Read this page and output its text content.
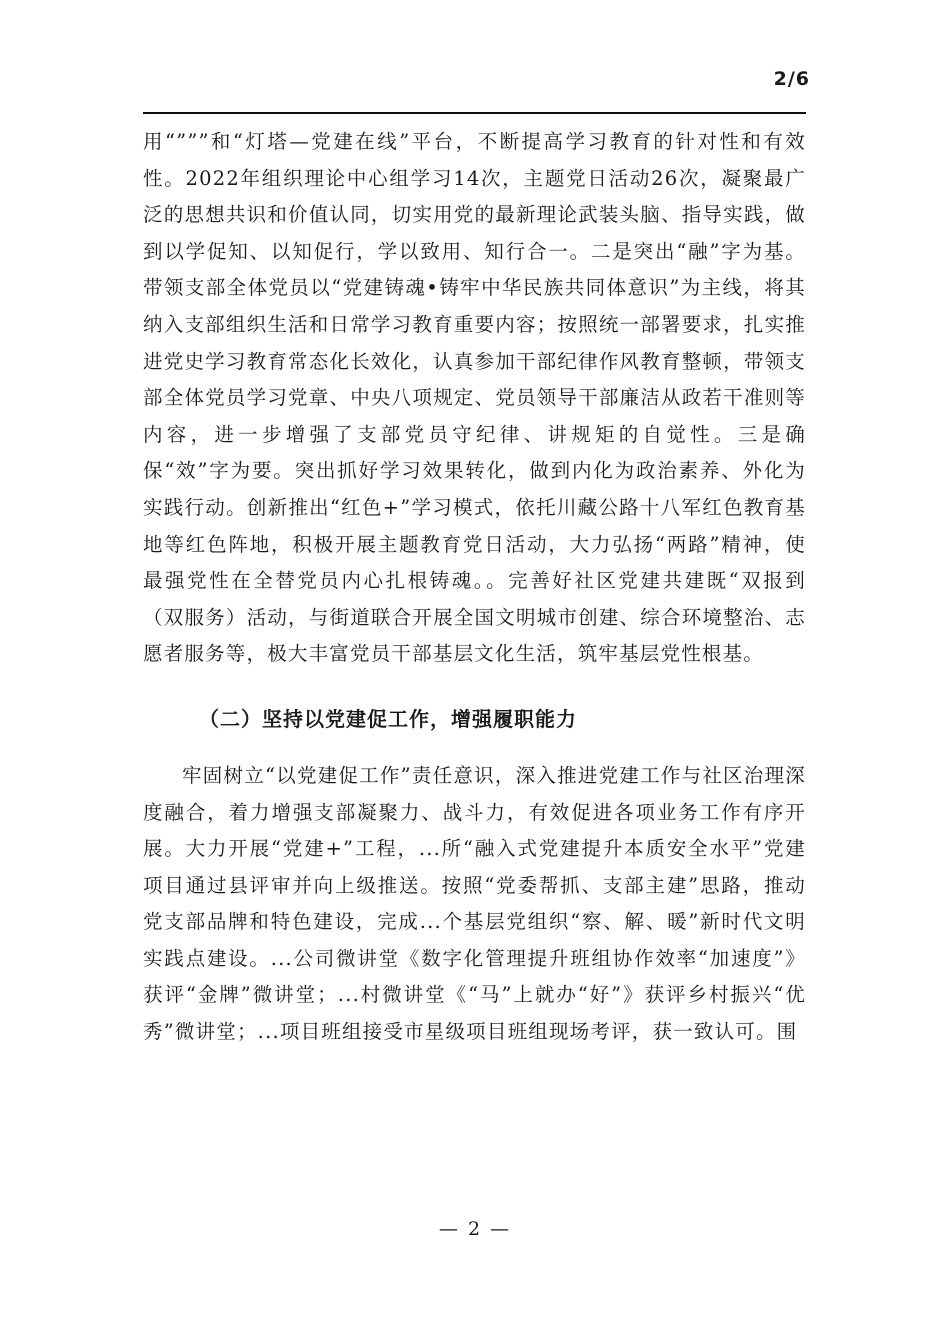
2/6

用“”””和“灯塔—党建在线”平台，不断提高学习教育的针对性和有效性。2022年组织理论中心组学习14次，主题党日活动26次，凝聚最广泛的思想共识和价值认同，切实用党的最新理论武装头脑、指导实践，做到以学促知、以知促行，学以致用、知行合一。二是突出“融”字为基。带领支部全体党员以“党建铸魂•铸牢中华民族共同体意识”为主线，将其纳入支部组织生活和日常学习教育重要内容；按照统一部署要求，扎实推进党史学习教育常态化长效化，认真参加干部纪律作风教育整顿，带领支部全体党员学习党章、中央八项规定、党员领导干部廉洁从政若干准则等内容，进一步增强了支部党员守纪律、讲规矩的自觉性。三是确保“效”字为要。突出抓好学习效果转化，做到内化为政治素养、外化为实践行动。创新推出“红色+”学习模式，依托川藏公路十八军红色教育基地等红色阵地，积极开展主题教育党日活动，大力弘扬“两路”精神，使最强党性在全替党员内心扎根铸魂。。完善好社区党建共建既“双报到（双服务）活动，与街道联合开展全国文明城市创建、综合环境整治、志愿者服务等，极大丰富党员干部基层文化生活，筑牢基层党性根基。

（二）坚持以党建促工作，增强履职能力

牢固树立“以党建促工作”责任意识，深入推进党建工作与社区治理深度融合，着力增强支部凝聚力、战斗力，有效促进各项业务工作有序开展。大力开展“党建+”工程，...所“融入式党建提升本质安全水平”党建项目通过县评审并向上级推送。按照“党委帮抓、支部主建”思路，推动党支部品牌和特色建设，完成...个基层党组织“察、解、暖”新时代文明实践点建设。...公司微讲堂《数字化管理提升班组协作效率“加速度”》获评“金牌”微讲堂；...村微讲堂《“马”上就办“好”》获评乡村振兴“优秀”微讲堂；...项目班组接受市星级项目班组现场考评，获一致认可。围

— 2 —
